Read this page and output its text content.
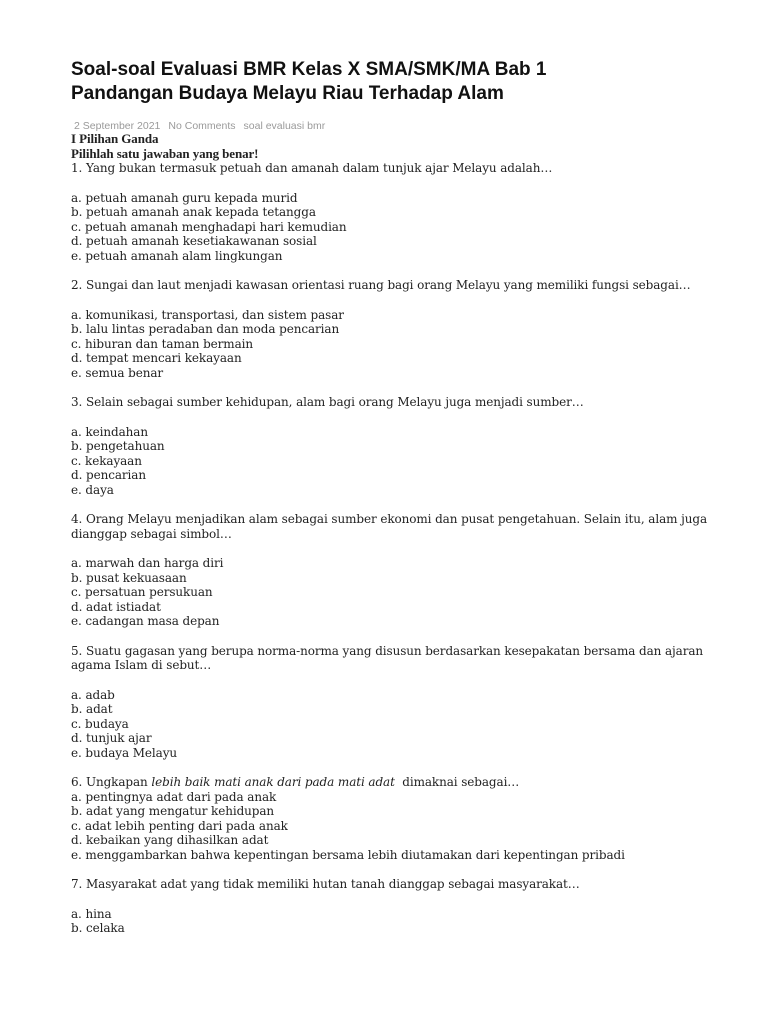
Soal-soal Evaluasi BMR Kelas X SMA/SMK/MA Bab 1
Pandangan Budaya Melayu Riau Terhadap Alam
2 September 2021 No Comments soal evaluasi bmr
I Pilihan Ganda
Pilihlah satu jawaban yang benar!
1. Yang bukan termasuk petuah dan amanah dalam tunjuk ajar Melayu adalah…
a. petuah amanah guru kepada murid
b. petuah amanah anak kepada tetangga
c. petuah amanah menghadapi hari kemudian
d. petuah amanah kesetiakawanan sosial
e. petuah amanah alam lingkungan
2. Sungai dan laut menjadi kawasan orientasi ruang bagi orang Melayu yang memiliki fungsi sebagai…
a. komunikasi, transportasi, dan sistem pasar
b. lalu lintas peradaban dan moda pencarian
c. hiburan dan taman bermain
d. tempat mencari kekayaan
e. semua benar
3. Selain sebagai sumber kehidupan, alam bagi orang Melayu juga menjadi sumber…
a. keindahan
b. pengetahuan
c. kekayaan
d. pencarian
e. daya
4. Orang Melayu menjadikan alam sebagai sumber ekonomi dan pusat pengetahuan. Selain itu, alam juga
dianggap sebagai simbol…
a. marwah dan harga diri
b. pusat kekuasaan
c. persatuan persukuan
d. adat istiadat
e. cadangan masa depan
5. Suatu gagasan yang berupa norma-norma yang disusun berdasarkan kesepakatan bersama dan ajaran
agama Islam di sebut…
a. adab
b. adat
c. budaya
d. tunjuk ajar
e. budaya Melayu
6. Ungkapan lebih baik mati anak dari pada mati adat dimaknai sebagai…
a. pentingnya adat dari pada anak
b. adat yang mengatur kehidupan
c. adat lebih penting dari pada anak
d. kebaikan yang dihasilkan adat
e. menggambarkan bahwa kepentingan bersama lebih diutamakan dari kepentingan pribadi
7. Masyarakat adat yang tidak memiliki hutan tanah dianggap sebagai masyarakat…
a. hina
b. celaka
